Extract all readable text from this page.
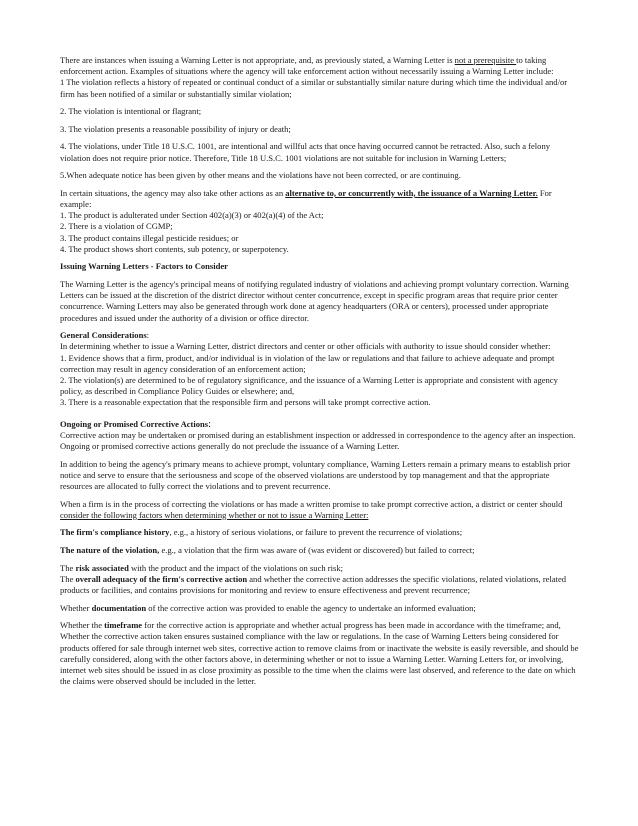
There are instances when issuing a Warning Letter is not appropriate, and, as previously stated, a Warning Letter is not a prerequisite to taking enforcement action. Examples of situations where the agency will take enforcement action without necessarily issuing a Warning Letter include:
1 The violation reflects a history of repeated or continual conduct of a similar or substantially similar nature during which time the individual and/or firm has been notified of a similar or substantially similar violation;

2. The violation is intentional or flagrant;

3. The violation presents a reasonable possibility of injury or death;

4. The violations, under Title 18 U.S.C. 1001, are intentional and willful acts that once having occurred cannot be retracted. Also, such a felony violation does not require prior notice. Therefore, Title 18 U.S.C. 1001 violations are not suitable for inclusion in Warning Letters;

5.When adequate notice has been given by other means and the violations have not been corrected, or are continuing.

In certain situations, the agency may also take other actions as an alternative to, or concurrently with, the issuance of a Warning Letter. For example:
1. The product is adulterated under Section 402(a)(3) or 402(a)(4) of the Act;
2. There is a violation of CGMP;
3. The product contains illegal pesticide residues; or
4. The product shows short contents, sub potency, or superpotency.

Issuing Warning Letters - Factors to Consider

The Warning Letter is the agency's principal means of notifying regulated industry of violations and achieving prompt voluntary correction. Warning Letters can be issued at the discretion of the district director without center concurrence, except in specific program areas that require prior center concurrence. Warning Letters may also be generated through work done at agency headquarters (ORA or centers), processed under appropriate procedures and issued under the authority of a division or office director.

General Considerations:
In determining whether to issue a Warning Letter, district directors and center or other officials with authority to issue should consider whether:
1. Evidence shows that a firm, product, and/or individual is in violation of the law or regulations and that failure to achieve adequate and prompt correction may result in agency consideration of an enforcement action;
2. The violation(s) are determined to be of regulatory significance, and the issuance of a Warning Letter is appropriate and consistent with agency policy, as described in Compliance Policy Guides or elsewhere; and,
3. There is a reasonable expectation that the responsible firm and persons will take prompt corrective action.

Ongoing or Promised Corrective Actions:
Corrective action may be undertaken or promised during an establishment inspection or addressed in correspondence to the agency after an inspection. Ongoing or promised corrective actions generally do not preclude the issuance of a Warning Letter.

In addition to being the agency's primary means to achieve prompt, voluntary compliance, Warning Letters remain a primary means to establish prior notice and serve to ensure that the seriousness and scope of the observed violations are understood by top management and that the appropriate resources are allocated to fully correct the violations and to prevent recurrence.

When a firm is in the process of correcting the violations or has made a written promise to take prompt corrective action, a district or center should consider the following factors when determining whether or not to issue a Warning Letter:

The firm's compliance history, e.g., a history of serious violations, or failure to prevent the recurrence of violations;

The nature of the violation, e.g., a violation that the firm was aware of (was evident or discovered) but failed to correct;

The risk associated with the product and the impact of the violations on such risk;
The overall adequacy of the firm's corrective action and whether the corrective action addresses the specific violations, related violations, related products or facilities, and contains provisions for monitoring and review to ensure effectiveness and prevent recurrence;

Whether documentation of the corrective action was provided to enable the agency to undertake an informed evaluation;

Whether the timeframe for the corrective action is appropriate and whether actual progress has been made in accordance with the timeframe; and,
Whether the corrective action taken ensures sustained compliance with the law or regulations. In the case of Warning Letters being considered for products offered for sale through internet web sites, corrective action to remove claims from or inactivate the website is easily reversible, and should be carefully considered, along with the other factors above, in determining whether or not to issue a Warning Letter. Warning Letters for, or involving, internet web sites should be issued in as close proximity as possible to the time when the claims were last observed, and reference to the date on which the claims were observed should be included in the letter.
